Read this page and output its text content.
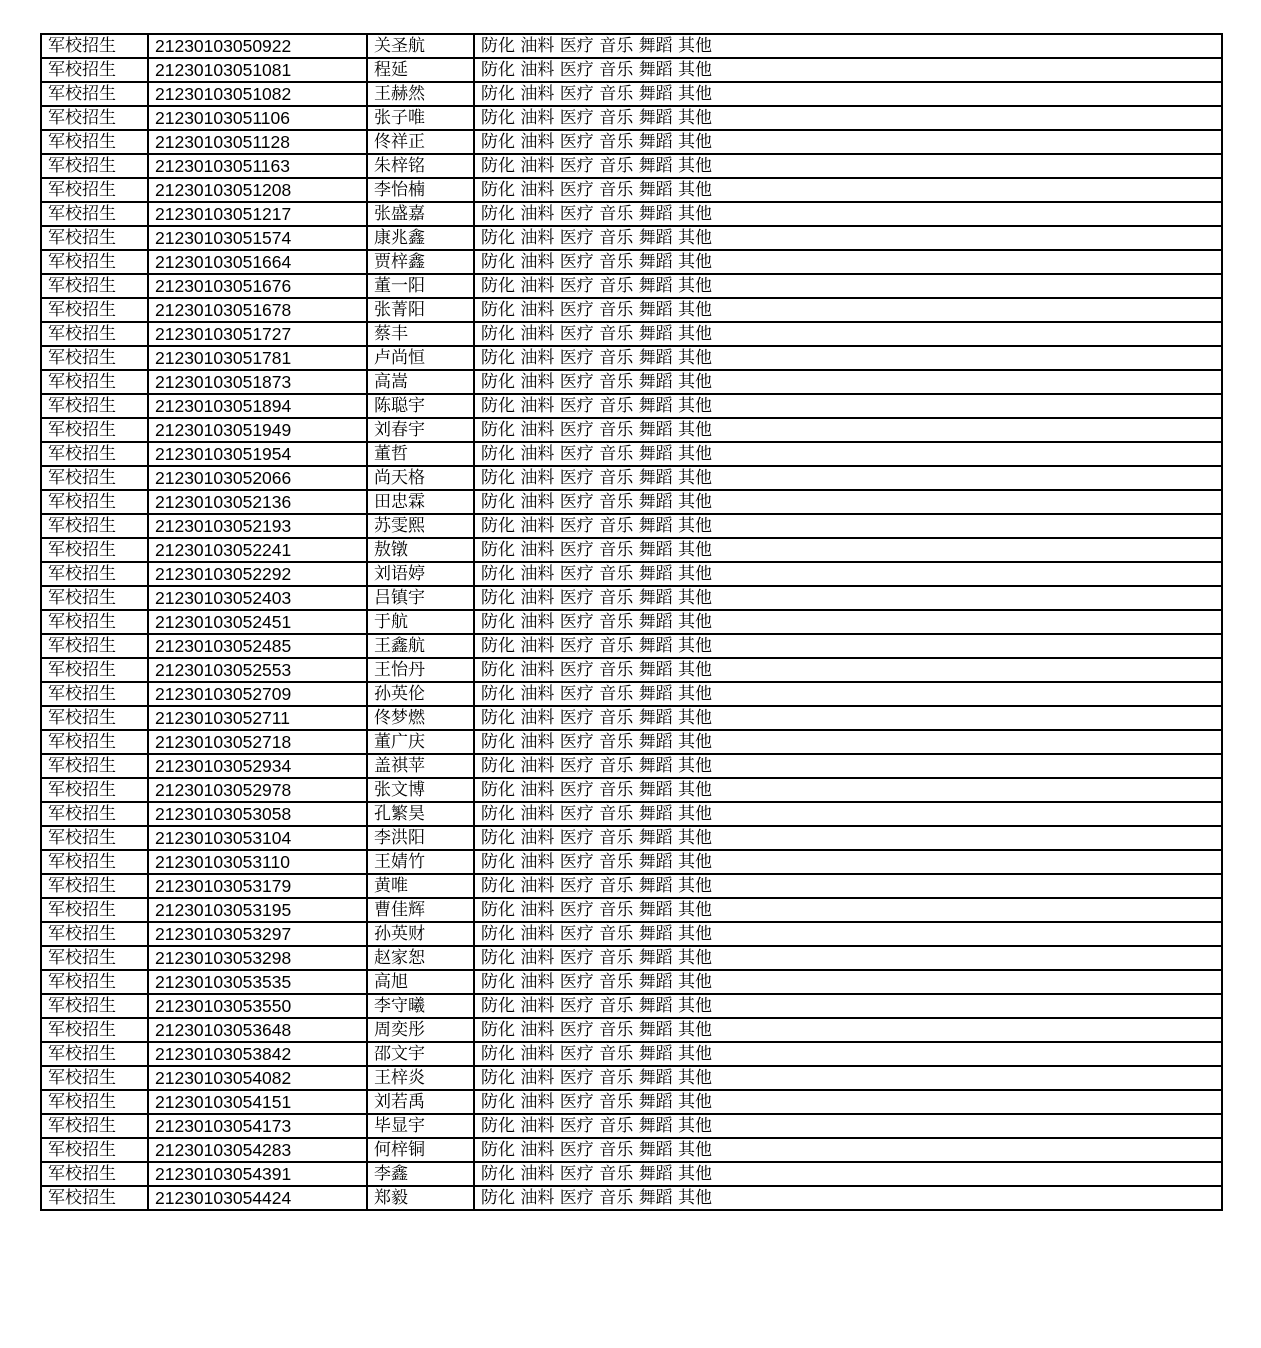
军校招生	21230103050922	关圣航	防化 油料 医疗 音乐 舞蹈 其他
军校招生	21230103051081	程延	防化 油料 医疗 音乐 舞蹈 其他
军校招生	21230103051082	王赫然	防化 油料 医疗 音乐 舞蹈 其他
军校招生	21230103051106	张子唯	防化 油料 医疗 音乐 舞蹈 其他
军校招生	21230103051128	佟祥正	防化 油料 医疗 音乐 舞蹈 其他
军校招生	21230103051163	朱梓铭	防化 油料 医疗 音乐 舞蹈 其他
军校招生	21230103051208	李怡楠	防化 油料 医疗 音乐 舞蹈 其他
军校招生	21230103051217	张盛嘉	防化 油料 医疗 音乐 舞蹈 其他
军校招生	21230103051574	康兆鑫	防化 油料 医疗 音乐 舞蹈 其他
军校招生	21230103051664	贾梓鑫	防化 油料 医疗 音乐 舞蹈 其他
军校招生	21230103051676	董一阳	防化 油料 医疗 音乐 舞蹈 其他
军校招生	21230103051678	张菁阳	防化 油料 医疗 音乐 舞蹈 其他
军校招生	21230103051727	蔡丰	防化 油料 医疗 音乐 舞蹈 其他
军校招生	21230103051781	卢尚恒	防化 油料 医疗 音乐 舞蹈 其他
军校招生	21230103051873	高嵩	防化 油料 医疗 音乐 舞蹈 其他
军校招生	21230103051894	陈聪宇	防化 油料 医疗 音乐 舞蹈 其他
军校招生	21230103051949	刘春宇	防化 油料 医疗 音乐 舞蹈 其他
军校招生	21230103051954	董哲	防化 油料 医疗 音乐 舞蹈 其他
军校招生	21230103052066	尚天格	防化 油料 医疗 音乐 舞蹈 其他
军校招生	21230103052136	田忠霖	防化 油料 医疗 音乐 舞蹈 其他
军校招生	21230103052193	苏雯熙	防化 油料 医疗 音乐 舞蹈 其他
军校招生	21230103052241	敖镦	防化 油料 医疗 音乐 舞蹈 其他
军校招生	21230103052292	刘语婷	防化 油料 医疗 音乐 舞蹈 其他
军校招生	21230103052403	吕镇宇	防化 油料 医疗 音乐 舞蹈 其他
军校招生	21230103052451	于航	防化 油料 医疗 音乐 舞蹈 其他
军校招生	21230103052485	王鑫航	防化 油料 医疗 音乐 舞蹈 其他
军校招生	21230103052553	王怡丹	防化 油料 医疗 音乐 舞蹈 其他
军校招生	21230103052709	孙英伦	防化 油料 医疗 音乐 舞蹈 其他
军校招生	21230103052711	佟梦燃	防化 油料 医疗 音乐 舞蹈 其他
军校招生	21230103052718	董广庆	防化 油料 医疗 音乐 舞蹈 其他
军校招生	21230103052934	盖祺苹	防化 油料 医疗 音乐 舞蹈 其他
军校招生	21230103052978	张文博	防化 油料 医疗 音乐 舞蹈 其他
军校招生	21230103053058	孔繁昊	防化 油料 医疗 音乐 舞蹈 其他
军校招生	21230103053104	李洪阳	防化 油料 医疗 音乐 舞蹈 其他
军校招生	21230103053110	王婧竹	防化 油料 医疗 音乐 舞蹈 其他
军校招生	21230103053179	黄唯	防化 油料 医疗 音乐 舞蹈 其他
军校招生	21230103053195	曹佳辉	防化 油料 医疗 音乐 舞蹈 其他
军校招生	21230103053297	孙英财	防化 油料 医疗 音乐 舞蹈 其他
军校招生	21230103053298	赵家恕	防化 油料 医疗 音乐 舞蹈 其他
军校招生	21230103053535	高旭	防化 油料 医疗 音乐 舞蹈 其他
军校招生	21230103053550	李守曦	防化 油料 医疗 音乐 舞蹈 其他
军校招生	21230103053648	周奕彤	防化 油料 医疗 音乐 舞蹈 其他
军校招生	21230103053842	邵文宇	防化 油料 医疗 音乐 舞蹈 其他
军校招生	21230103054082	王梓炎	防化 油料 医疗 音乐 舞蹈 其他
军校招生	21230103054151	刘若禹	防化 油料 医疗 音乐 舞蹈 其他
军校招生	21230103054173	毕显宇	防化 油料 医疗 音乐 舞蹈 其他
军校招生	21230103054283	何梓铜	防化 油料 医疗 音乐 舞蹈 其他
军校招生	21230103054391	李鑫	防化 油料 医疗 音乐 舞蹈 其他
军校招生	21230103054424	郑毅	防化 油料 医疗 音乐 舞蹈 其他
